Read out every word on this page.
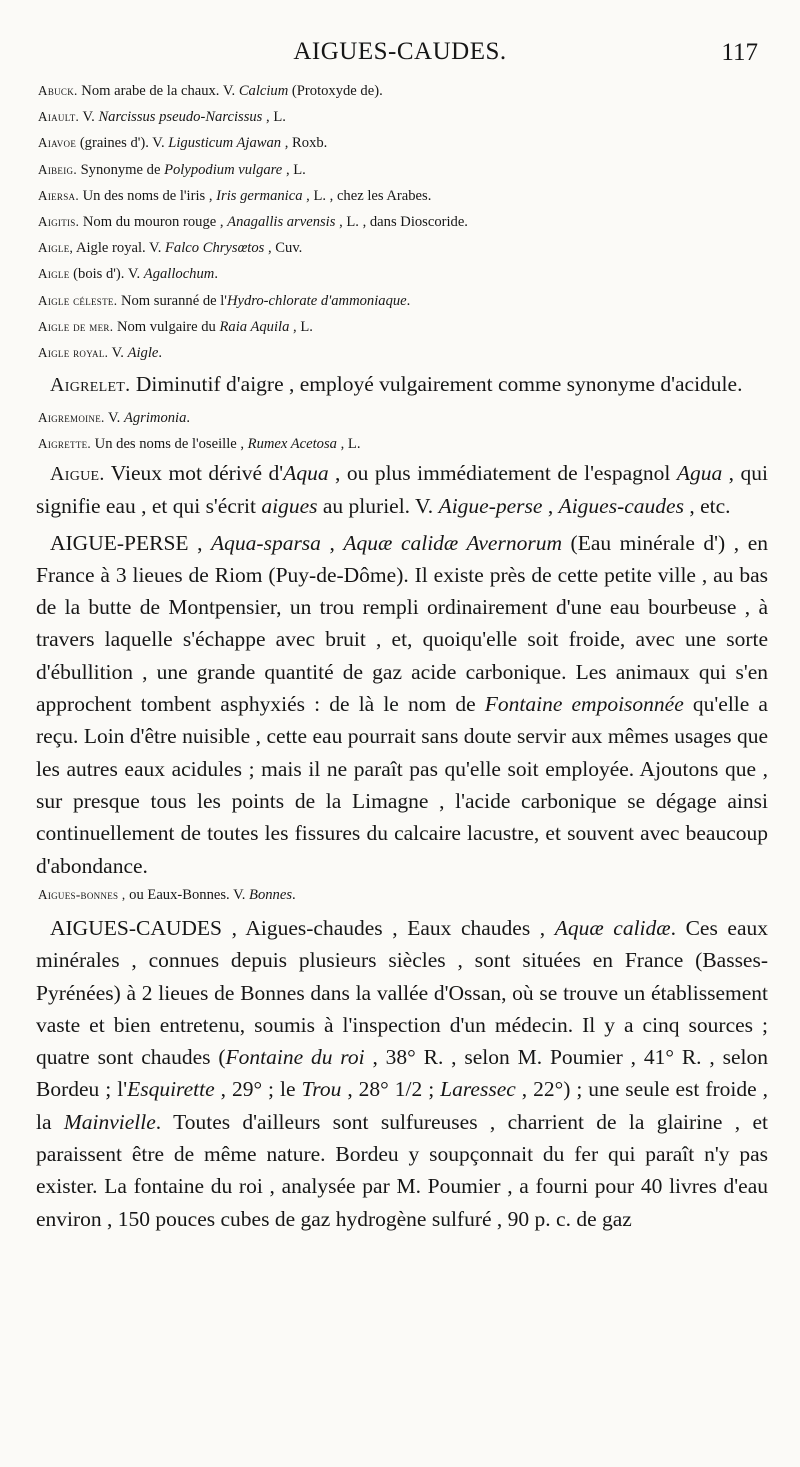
AIGUES-CAUDES.	117
Abuck. Nom arabe de la chaux. V. Calcium (Protoxyde de).
Aiault. V. Narcissus pseudo-Narcissus , L.
Aiavoe (graines d'). V. Ligusticum Ajawan , Roxb.
Aibeig. Synonyme de Polypodium vulgare , L.
Aiersa. Un des noms de l'iris , Iris germanica , L. , chez les Arabes.
Aigitis. Nom du mouron rouge , Anagallis arvensis , L. , dans Dioscoride.
Aigle, Aigle royal. V. Falco Chrysœtos , Cuv.
Aigle (bois d'). V. Agallochum.
Aigle céleste. Nom suranné de l'Hydro-chlorate d'ammoniaque.
Aigle de mer. Nom vulgaire du Raia Aquila , L.
Aigle royal. V. Aigle.
Aigrelet. Diminutif d'aigre , employé vulgairement comme synonyme d'acidule.
Aigremoine. V. Agrimonia.
Aigrette. Un des noms de l'oseille , Rumex Acetosa , L.
Aigue. Vieux mot dérivé d'Aqua , ou plus immédiatement de l'espagnol Agua , qui signifie eau , et qui s'écrit aigues au pluriel. V. Aigue-perse , Aigues-caudes , etc.
AIGUE-PERSE , Aqua-sparsa , Aquæ calidæ Avernorum (Eau minérale d') , en France à 3 lieues de Riom (Puy-de-Dôme). Il existe près de cette petite ville , au bas de la butte de Montpensier, un trou rempli ordinairement d'une eau bourbeuse , à travers laquelle s'échappe avec bruit , et, quoiqu'elle soit froide, avec une sorte d'ébullition , une grande quantité de gaz acide carbonique. Les animaux qui s'en approchent tombent asphyxiés : de là le nom de Fontaine empoisonnée qu'elle a reçu. Loin d'être nuisible , cette eau pourrait sans doute servir aux mêmes usages que les autres eaux acidules ; mais il ne paraît pas qu'elle soit employée. Ajoutons que , sur presque tous les points de la Limagne , l'acide carbonique se dégage ainsi continuellement de toutes les fissures du calcaire lacustre, et souvent avec beaucoup d'abondance.
Aigues-bonnes , ou Eaux-Bonnes. V. Bonnes.
AIGUES-CAUDES , Aigues-chaudes , Eaux chaudes , Aquæ calidæ. Ces eaux minérales , connues depuis plusieurs siècles , sont situées en France (Basses-Pyrénées) à 2 lieues de Bonnes dans la vallée d'Ossan, où se trouve un établissement vaste et bien entretenu, soumis à l'inspection d'un médecin. Il y a cinq sources ; quatre sont chaudes (Fontaine du roi , 38° R. , selon M. Poumier , 41° R. , selon Bordeu ; l'Esquirette , 29° ; le Trou , 28° 1/2 ; Laressec , 22°) ; une seule est froide , la Mainvielle. Toutes d'ailleurs sont sulfureuses , charrient de la glairine , et paraissent être de même nature. Bordeu y soupçonnait du fer qui paraît n'y pas exister. La fontaine du roi , analysée par M. Poumier , a fourni pour 40 livres d'eau environ , 150 pouces cubes de gaz hydrogène sulfuré , 90 p. c. de gaz
